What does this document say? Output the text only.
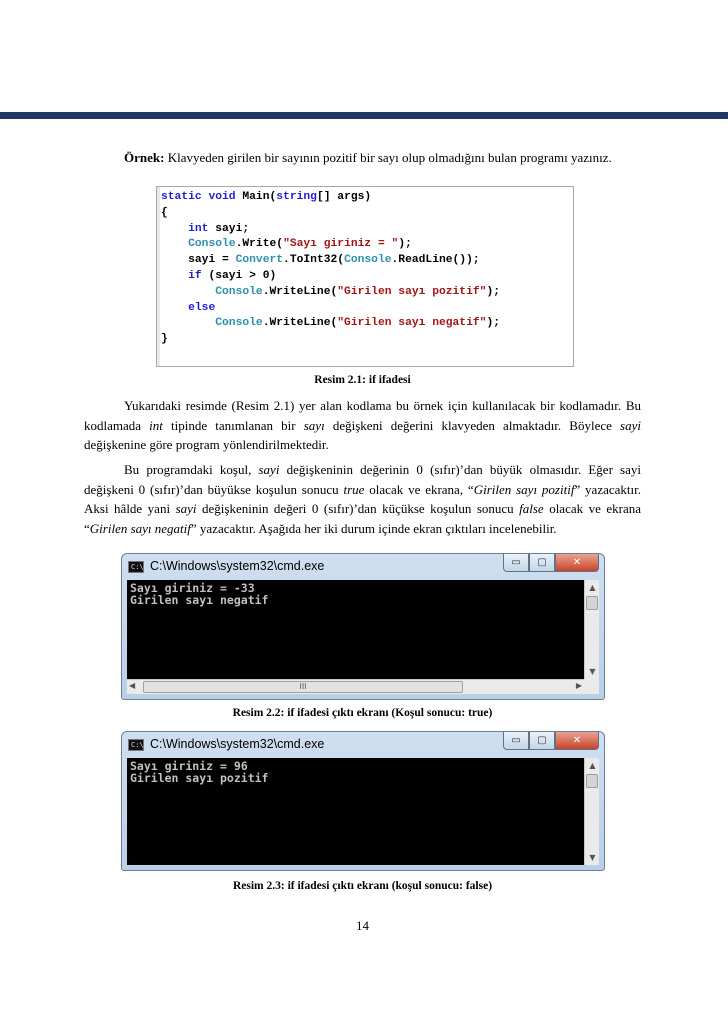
Örnek: Klavyeden girilen bir sayının pozitif bir sayı olup olmadığını bulan programı yazınız.

static void Main(string[] args)
{
int sayi;
Console.Write("Sayı giriniz = ");
sayi = Convert.ToInt32(Console.ReadLine());
if (sayi > 0)
Console.WriteLine("Girilen sayı pozitif");
else
Console.WriteLine("Girilen sayı negatif");
}
Resim 2.1: if ifadesi

Yukarıdaki resimde (Resim 2.1) yer alan kodlama bu örnek için kullanılacak bir kodlamadır. Bu kodlamada int tipinde tanımlanan bir sayı değişkeni değerini klavyeden almaktadır. Böylece sayi değişkenine göre program yönlendirilmektedir.

Bu programdaki koşul, sayi değişkeninin değerinin 0 (sıfır)’dan büyük olmasıdır. Eğer sayi değişkeni 0 (sıfır)’dan büyükse koşulun sonucu true olacak ve ekrana, “Girilen sayı pozitif” yazacaktır. Aksi hâlde yani sayi değişkeninin değeri 0 (sıfır)’dan küçükse koşulun sonucu false olacak ve ekrana “Girilen sayı negatif” yazacaktır. Aşağıda her iki durum içinde ekran çıktıları incelenebilir.

C:\ C:\Windows\system32\cmd.exe	▭	▢	✕
Sayı giriniz = -33
Girilen sayı negatif
▲
▼
◀	III	▶
Resim 2.2: if ifadesi çıktı ekranı (Koşul sonucu: true)
C:\ C:\Windows\system32\cmd.exe	▭	▢	✕
Sayı giriniz = 96
Girilen sayı pozitif
▲
▼
Resim 2.3: if ifadesi çıktı ekranı (koşul sonucu: false)
14
